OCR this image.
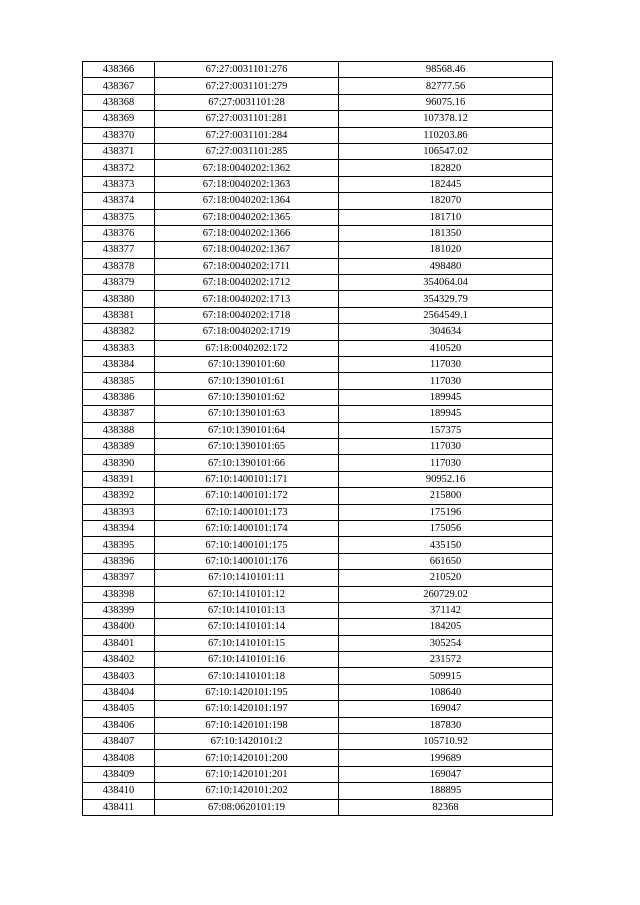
438366	67:27:0031101:276	98568.46
438367	67:27:0031101:279	82777.56
438368	67:27:0031101:28	96075.16
438369	67:27:0031101:281	107378.12
438370	67:27:0031101:284	110203.86
438371	67:27:0031101:285	106547.02
438372	67:18:0040202:1362	182820
438373	67:18:0040202:1363	182445
438374	67:18:0040202:1364	182070
438375	67:18:0040202:1365	181710
438376	67:18:0040202:1366	181350
438377	67:18:0040202:1367	181020
438378	67:18:0040202:1711	498480
438379	67:18:0040202:1712	354064.04
438380	67:18:0040202:1713	354329.79
438381	67:18:0040202:1718	2564549.1
438382	67:18:0040202:1719	304634
438383	67:18:0040202:172	410520
438384	67:10:1390101:60	117030
438385	67:10:1390101:61	117030
438386	67:10:1390101:62	189945
438387	67:10:1390101:63	189945
438388	67:10:1390101:64	157375
438389	67:10:1390101:65	117030
438390	67:10:1390101:66	117030
438391	67:10:1400101:171	90952.16
438392	67:10:1400101:172	215800
438393	67:10:1400101:173	175196
438394	67:10:1400101:174	175056
438395	67:10:1400101:175	435150
438396	67:10:1400101:176	661650
438397	67:10:1410101:11	210520
438398	67:10:1410101:12	260729.02
438399	67:10:1410101:13	371142
438400	67:10:1410101:14	184205
438401	67:10:1410101:15	305254
438402	67:10:1410101:16	231572
438403	67:10:1410101:18	509915
438404	67:10:1420101:195	108640
438405	67:10:1420101:197	169047
438406	67:10:1420101:198	187830
438407	67:10:1420101:2	105710.92
438408	67:10:1420101:200	199689
438409	67:10:1420101:201	169047
438410	67:10:1420101:202	188895
438411	67:08:0620101:19	82368
